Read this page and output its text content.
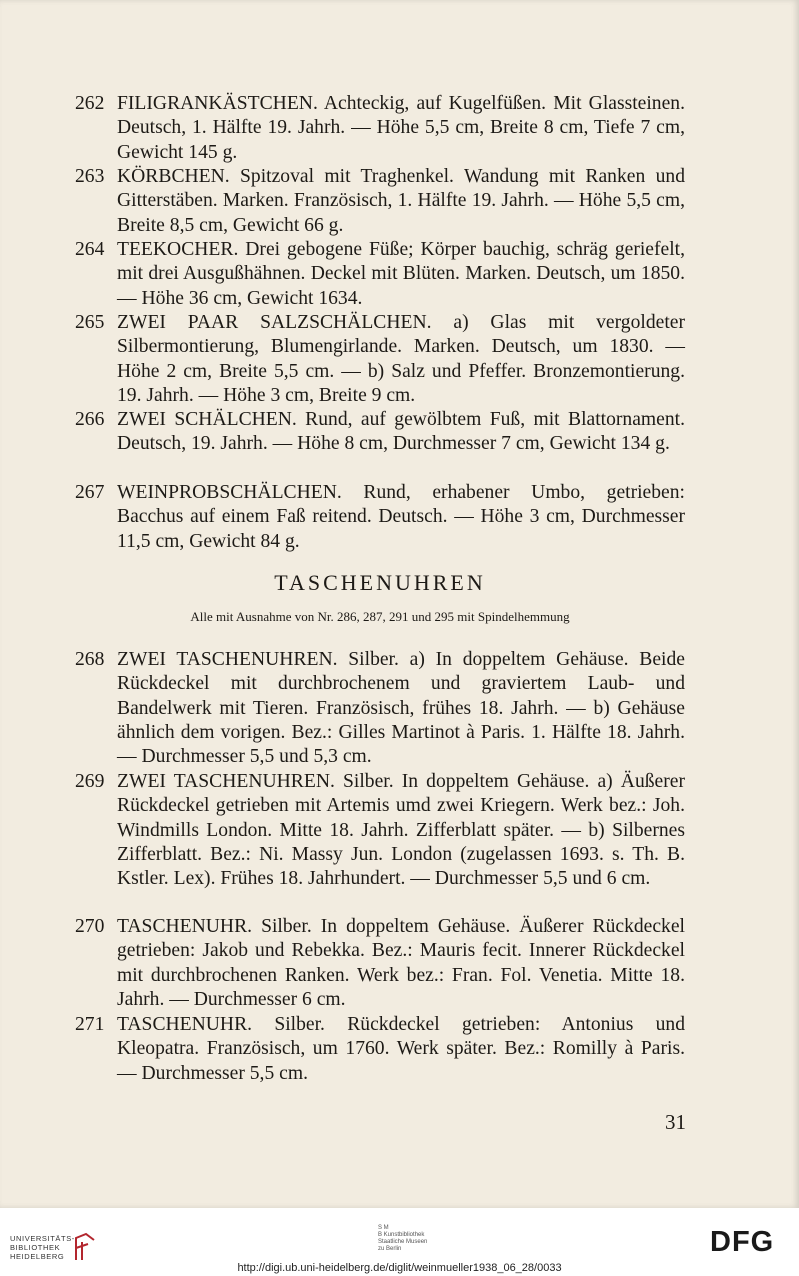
262 FILIGRANKÄSTCHEN. Achteckig, auf Kugelfüßen. Mit Glassteinen. Deutsch, 1. Hälfte 19. Jahrh. — Höhe 5,5 cm, Breite 8 cm, Tiefe 7 cm, Gewicht 145 g.
263 KÖRBCHEN. Spitzoval mit Traghenkel. Wandung mit Ranken und Gitterstäben. Marken. Französisch, 1. Hälfte 19. Jahrh. — Höhe 5,5 cm, Breite 8,5 cm, Gewicht 66 g.
264 TEEKOCHER. Drei gebogene Füße; Körper bauchig, schräg geriefelt, mit drei Ausgußhähnen. Deckel mit Blüten. Marken. Deutsch, um 1850. — Höhe 36 cm, Gewicht 1634.
265 ZWEI PAAR SALZSCHÄLCHEN. a) Glas mit vergoldeter Silbermontierung, Blumengirlande. Marken. Deutsch, um 1830. — Höhe 2 cm, Breite 5,5 cm. — b) Salz und Pfeffer. Bronzemontierung. 19. Jahrh. — Höhe 3 cm, Breite 9 cm.
266 ZWEI SCHÄLCHEN. Rund, auf gewölbtem Fuß, mit Blattornament. Deutsch, 19. Jahrh. — Höhe 8 cm, Durchmesser 7 cm, Gewicht 134 g.
267 WEINPROBSCHÄLCHEN. Rund, erhabener Umbo, getrieben: Bacchus auf einem Faß reitend. Deutsch. — Höhe 3 cm, Durchmesser 11,5 cm, Gewicht 84 g.
TASCHENUHREN
Alle mit Ausnahme von Nr. 286, 287, 291 und 295 mit Spindelhemmung
268 ZWEI TASCHENUHREN. Silber. a) In doppeltem Gehäuse. Beide Rückdeckel mit durchbrochenem und graviertem Laub- und Bandelwerk mit Tieren. Französisch, frühes 18. Jahrh. — b) Gehäuse ähnlich dem vorigen. Bez.: Gilles Martinot à Paris. 1. Hälfte 18. Jahrh. — Durchmesser 5,5 und 5,3 cm.
269 ZWEI TASCHENUHREN. Silber. In doppeltem Gehäuse. a) Äußerer Rückdeckel getrieben mit Artemis umd zwei Kriegern. Werk bez.: Joh. Windmills London. Mitte 18. Jahrh. Zifferblatt später. — b) Silbernes Zifferblatt. Bez.: Ni. Massy Jun. London (zugelassen 1693. s. Th. B. Kstler. Lex). Frühes 18. Jahrhundert. — Durchmesser 5,5 und 6 cm.
270 TASCHENUHR. Silber. In doppeltem Gehäuse. Äußerer Rückdeckel getrieben: Jakob und Rebekka. Bez.: Mauris fecit. Innerer Rückdeckel mit durchbrochenen Ranken. Werk bez.: Fran. Fol. Venetia. Mitte 18. Jahrh. — Durchmesser 6 cm.
271 TASCHENUHR. Silber. Rückdeckel getrieben: Antonius und Kleopatra. Französisch, um 1760. Werk später. Bez.: Romilly à Paris. — Durchmesser 5,5 cm.
31
UNIVERSITÄTS-
BIBLIOTHEK
HEIDELBERG
S M
B Kunstbibliothek
Staatliche Museen
zu Berlin	DFG
http://digi.ub.uni-heidelberg.de/diglit/weinmueller1938_06_28/0033
